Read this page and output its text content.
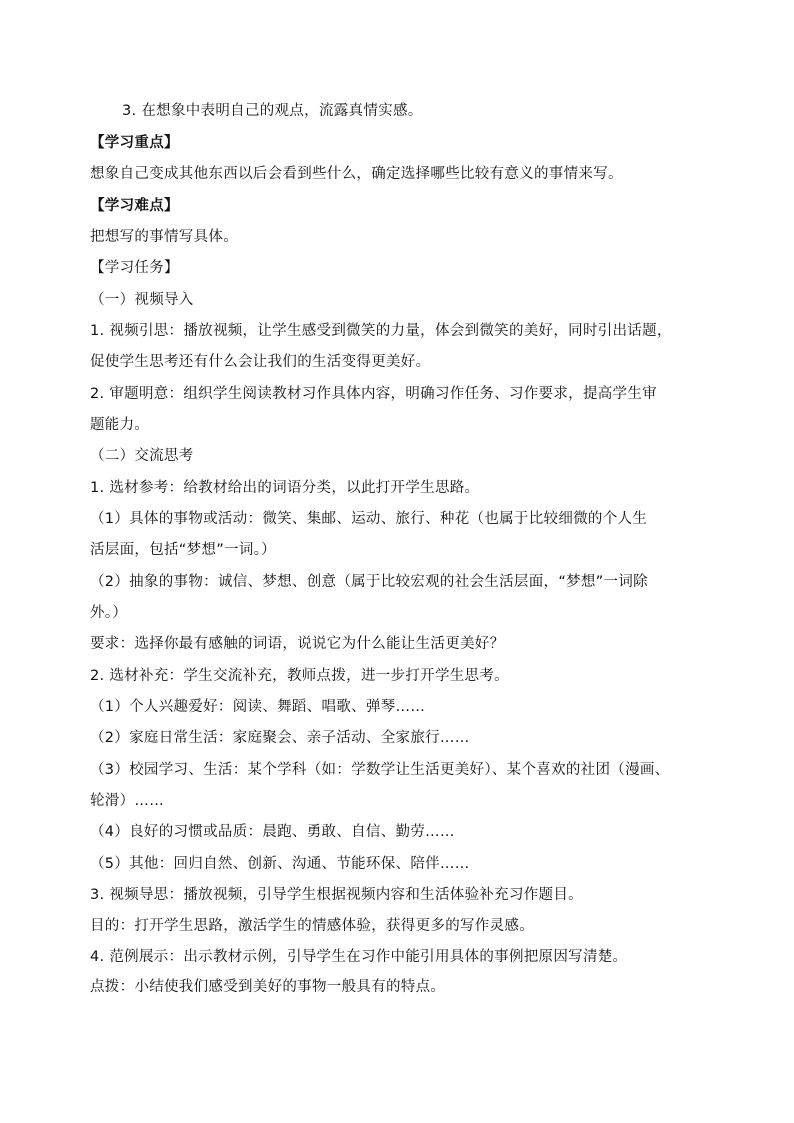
3. 在想象中表明自己的观点，流露真情实感。
【学习重点】
想象自己变成其他东西以后会看到些什么，确定选择哪些比较有意义的事情来写。
【学习难点】
把想写的事情写具体。
【学习任务】
（一）视频导入
1. 视频引思：播放视频，让学生感受到微笑的力量，体会到微笑的美好，同时引出话题，
促使学生思考还有什么会让我们的生活变得更美好。
2. 审题明意：组织学生阅读教材习作具体内容，明确习作任务、习作要求，提高学生审
题能力。
（二）交流思考
1. 选材参考：给教材给出的词语分类，以此打开学生思路。
（1）具体的事物或活动：微笑、集邮、运动、旅行、种花（也属于比较细微的个人生
活层面，包括“梦想”一词。）
（2）抽象的事物：诚信、梦想、创意（属于比较宏观的社会生活层面，“梦想”一词除
外。）
要求：选择你最有感触的词语，说说它为什么能让生活更美好？
2. 选材补充：学生交流补充，教师点拨，进一步打开学生思考。
（1）个人兴趣爱好：阅读、舞蹈、唱歌、弹琴……
（2）家庭日常生活：家庭聚会、亲子活动、全家旅行……
（3）校园学习、生活：某个学科（如：学数学让生活更美好）、某个喜欢的社团（漫画、
轮滑）……
（4）良好的习惯或品质：晨跑、勇敢、自信、勤劳……
（5）其他：回归自然、创新、沟通、节能环保、陪伴……
3. 视频导思：播放视频，引导学生根据视频内容和生活体验补充习作题目。
目的：打开学生思路，激活学生的情感体验，获得更多的写作灵感。
4. 范例展示：出示教材示例，引导学生在习作中能引用具体的事例把原因写清楚。
点拨：小结使我们感受到美好的事物一般具有的特点。
